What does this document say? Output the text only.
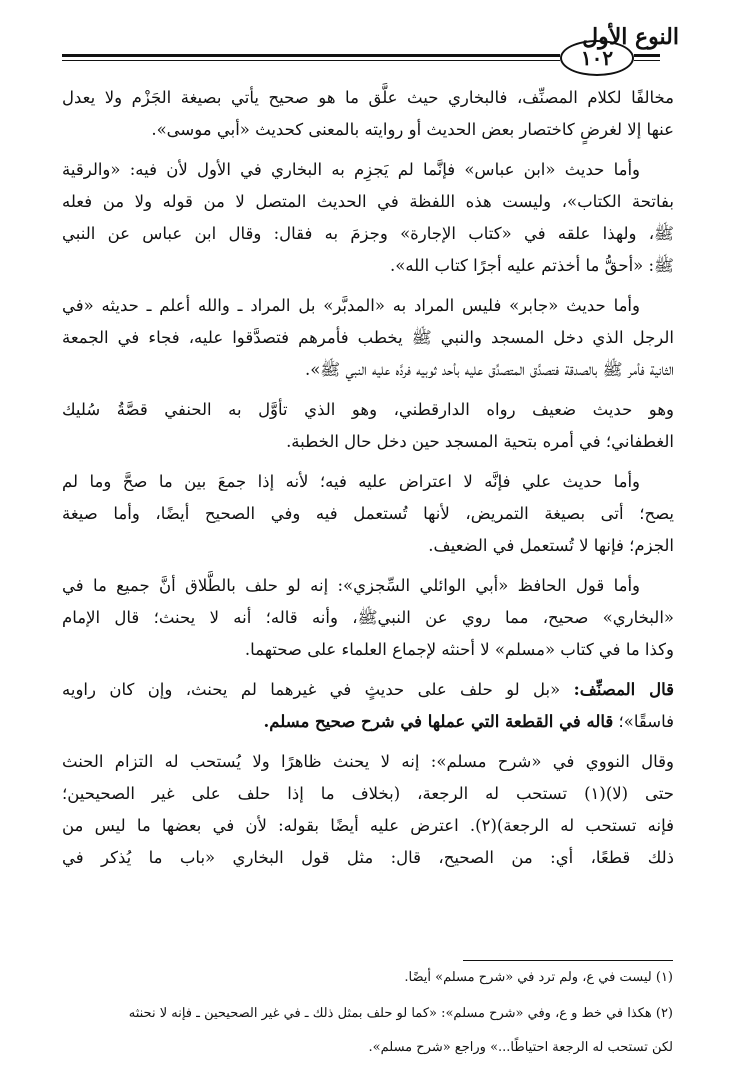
النوع الأول
١٠٢
مخالفًا لكلام المصنِّف، فالبخاري حيث علَّق ما هو صحيح يأتي بصيغة الجَزْم ولا يعدل
عنها إلا لغرضٍ كاختصار بعض الحديث أو روايته بالمعنى كحديث «أبي موسى».
وأما حديث «ابن عباس» فإنَّما لم يَجزِم به البخاري في الأول لأن فيه: «والرقية
بفاتحة الكتاب»، وليست هذه اللفظة في الحديث المتصل لا من قوله ولا من فعله
ﷺ، ولهذا علقه في «كتاب الإجارة» وجزمَ به فقال: وقال ابن عباس عن النبي
ﷺ: «أحقُّ ما أخذتم عليه أجرًا كتاب الله».
وأما حديث «جابر» فليس المراد به «المدبَّر» بل المراد ـ والله أعلم ـ حديثه «في
الرجل الذي دخل المسجد والنبي ﷺ يخطب فأمرهم فتصدَّقوا عليه، فجاء في الجمعة
الثانية فأمر ﷺ بالصدقة فتصدَّق المتصدِّق عليه بأحد ثوبيه فردَّه عليه النبي ﷺ».
وهو حديث ضعيف رواه الدارقطني، وهو الذي تأوَّل به الحنفي قصَّةُ سُليك
الغطفاني؛ في أمره بتحية المسجد حين دخل حال الخطبة.
وأما حديث علي فإنَّه لا اعتراض عليه فيه؛ لأنه إذا جمعَ بين ما صحَّ وما لم
يصح؛ أتى بصيغة التمريض، لأنها تُستعمل فيه وفي الصحيح أيضًا، وأما صيغة
الجزم؛ فإنها لا تُستعمل في الضعيف.
وأما قول الحافظ «أبي الوائلي السِّجزي»: إنه لو حلف بالطَّلاق أنَّ جميع ما في
«البخاري» صحيح، مما روي عن النبيﷺ، وأنه قاله؛ أنه لا يحنث؛ قال الإمام
وكذا ما في كتاب «مسلم» لا أحنثه لإجماع العلماء على صحتهما.
قال المصنِّف: «بل لو حلف على حديثٍ في غيرهما لم يحنث، وإن كان راويه
فاسقًا»؛ قاله في القطعة التي عملها في شرح صحيح مسلم.
وقال النووي في «شرح مسلم»: إنه لا يحنث ظاهرًا ولا يُستحب له التزام الحنث
حتى (لا)(١) تستحب له الرجعة، (بخلاف ما إذا حلف على غير الصحيحين؛
فإنه تستحب له الرجعة)(٢). اعترض عليه أيضًا بقوله: لأن في بعضها ما ليس من
ذلك قطعًا، أي: من الصحيح، قال: مثل قول البخاري «باب ما يُذكر في
(١) ليست في ع، ولم ترد في «شرح مسلم» أيضًا.
(٢) هكذا في خط و ع، وفي «شرح مسلم»: «كما لو حلف بمثل ذلك ـ في غير الصحيحين ـ فإنه لا نحنثه
لكن تستحب له الرجعة احتياطًا...» وراجع «شرح مسلم».
